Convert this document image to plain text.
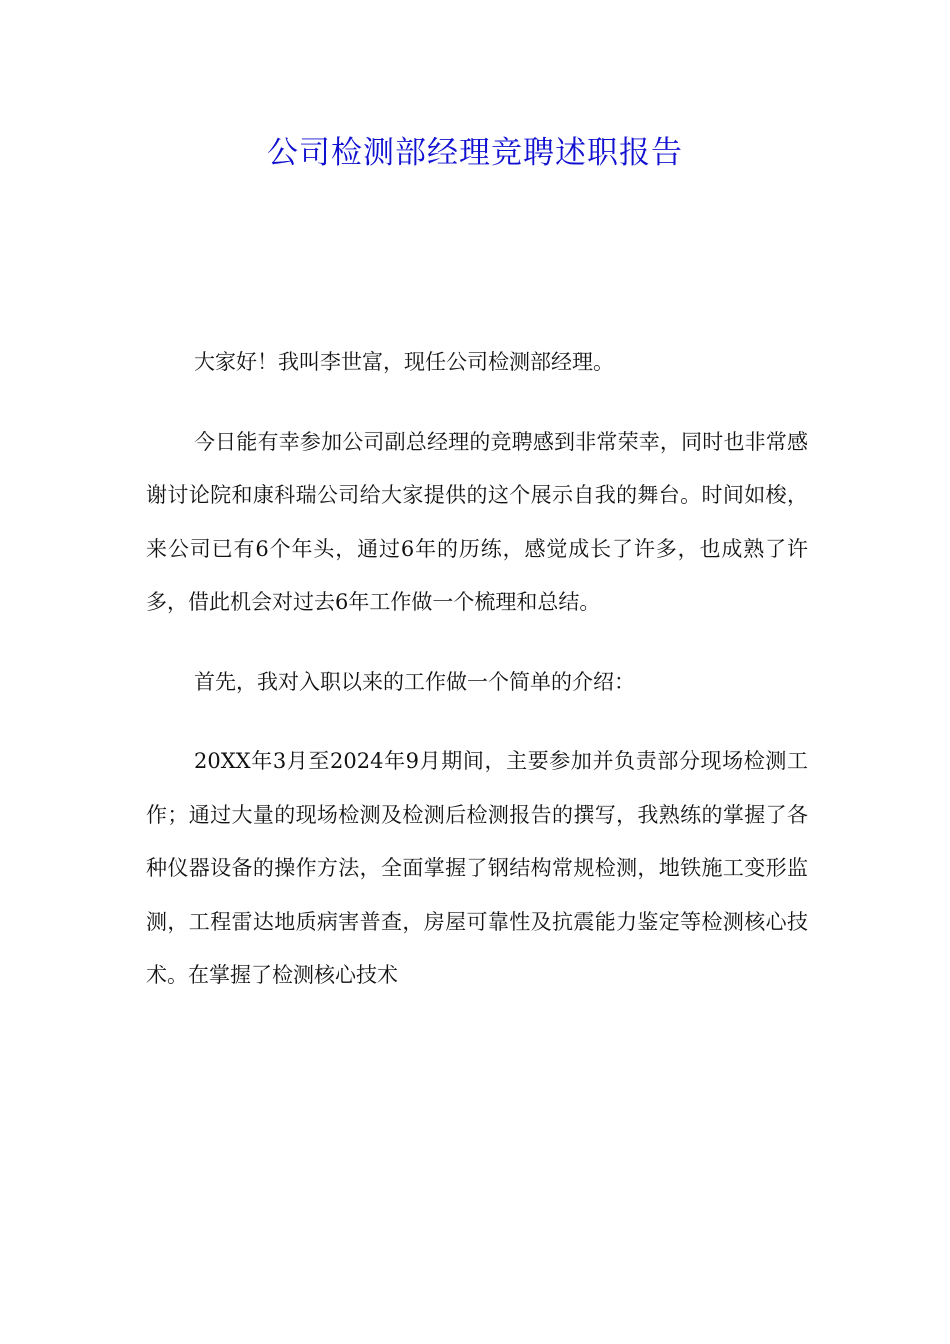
公司检测部经理竞聘述职报告

大家好！我叫李世富，现任公司检测部经理。

今日能有幸参加公司副总经理的竞聘感到非常荣幸，同时也非常感谢讨论院和康科瑞公司给大家提供的这个展示自我的舞台。时间如梭，来公司已有6个年头，通过6年的历练，感觉成长了许多，也成熟了许多，借此机会对过去6年工作做一个梳理和总结。

首先，我对入职以来的工作做一个简单的介绍：

20XX年3月至2024年9月期间，主要参加并负责部分现场检测工作；通过大量的现场检测及检测后检测报告的撰写，我熟练的掌握了各种仪器设备的操作方法，全面掌握了钢结构常规检测，地铁施工变形监测，工程雷达地质病害普查，房屋可靠性及抗震能力鉴定等检测核心技术。在掌握了检测核心技术
